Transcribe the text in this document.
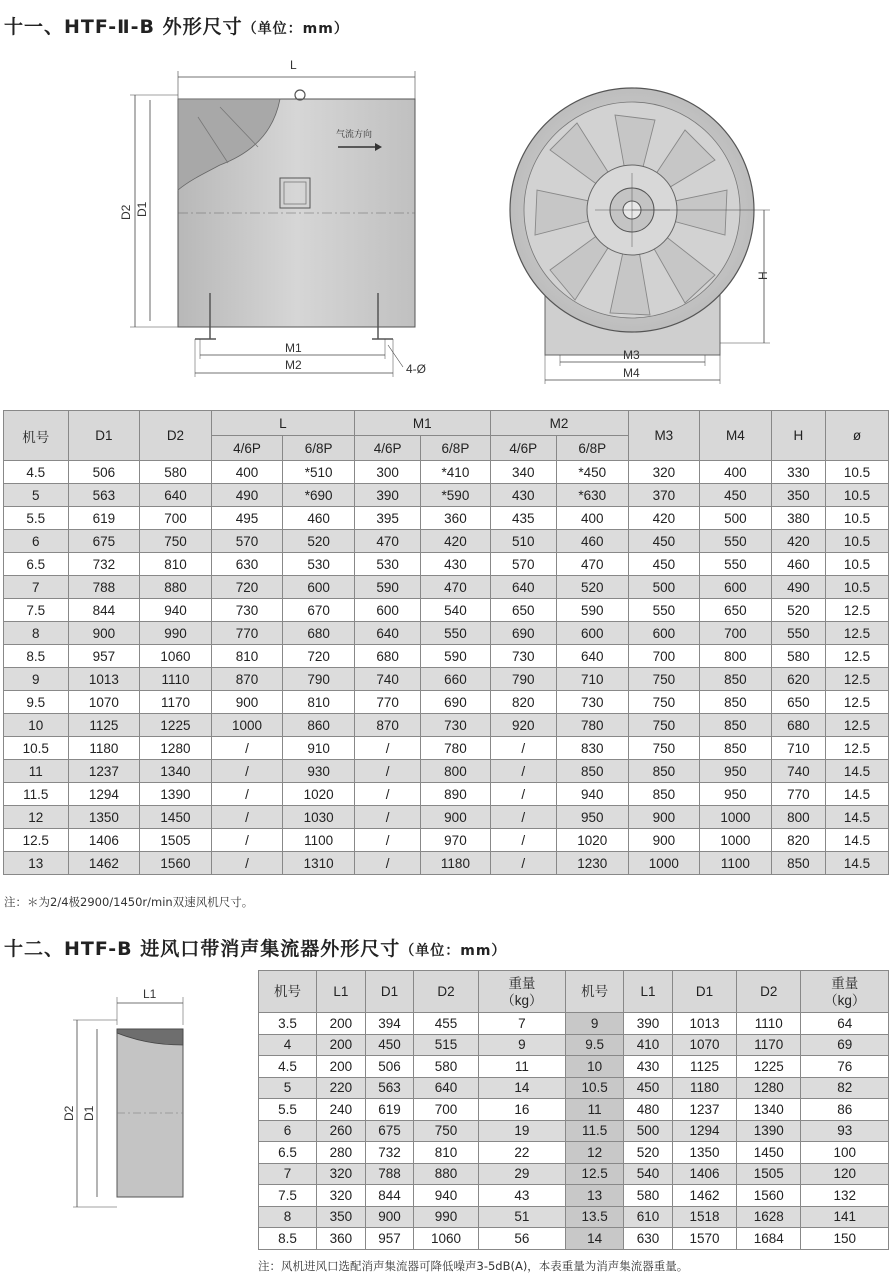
十一、HTF-Ⅱ-B 外形尺寸（单位：mm）
L
D2 D1
气流方向
M1
M2	4-Ø
H
M3
M4
机号	D1	D2	L		M1		M2		M3	M4	H	ø
			4/6P	6/8P	4/6P	6/8P	4/6P	6/8P				
4.5	506	580	400	*510	300	*410	340	*450	320	400	330	10.5
5	563	640	490	*690	390	*590	430	*630	370	450	350	10.5
5.5	619	700	495	460	395	360	435	400	420	500	380	10.5
6	675	750	570	520	470	420	510	460	450	550	420	10.5
6.5	732	810	630	530	530	430	570	470	450	550	460	10.5
7	788	880	720	600	590	470	640	520	500	600	490	10.5
7.5	844	940	730	670	600	540	650	590	550	650	520	12.5
8	900	990	770	680	640	550	690	600	600	700	550	12.5
8.5	957	1060	810	720	680	590	730	640	700	800	580	12.5
9	1013	1110	870	790	740	660	790	710	750	850	620	12.5
9.5	1070	1170	900	810	770	690	820	730	750	850	650	12.5
10	1125	1225	1000	860	870	730	920	780	750	850	680	12.5
10.5	1180	1280	/	910	/	780	/	830	750	850	710	12.5
11	1237	1340	/	930	/	800	/	850	850	950	740	14.5
11.5	1294	1390	/	1020	/	890	/	940	850	950	770	14.5
12	1350	1450	/	1030	/	900	/	950	900	1000	800	14.5
12.5	1406	1505	/	1100	/	970	/	1020	900	1000	820	14.5
13	1462	1560	/	1310	/	1180	/	1230	1000	1100	850	14.5
注：＊为2/4极2900/1450r/min双速风机尺寸。
十二、HTF-B 进风口带消声集流器外形尺寸（单位：mm）
L1
D2 D1
机号	L1	D1	D2	重量
（kg）	机号	L1	D1	D2	重量
（kg）
3.5	200	394	455	7	9	390	1013	1110	64
4	200	450	515	9	9.5	410	1070	1170	69
4.5	200	506	580	11	10	430	1125	1225	76
5	220	563	640	14	10.5	450	1180	1280	82
5.5	240	619	700	16	11	480	1237	1340	86
6	260	675	750	19	11.5	500	1294	1390	93
6.5	280	732	810	22	12	520	1350	1450	100
7	320	788	880	29	12.5	540	1406	1505	120
7.5	320	844	940	43	13	580	1462	1560	132
8	350	900	990	51	13.5	610	1518	1628	141
8.5	360	957	1060	56	14	630	1570	1684	150
注：风机进风口选配消声集流器可降低噪声3-5dB(A)，本表重量为消声集流器重量。
